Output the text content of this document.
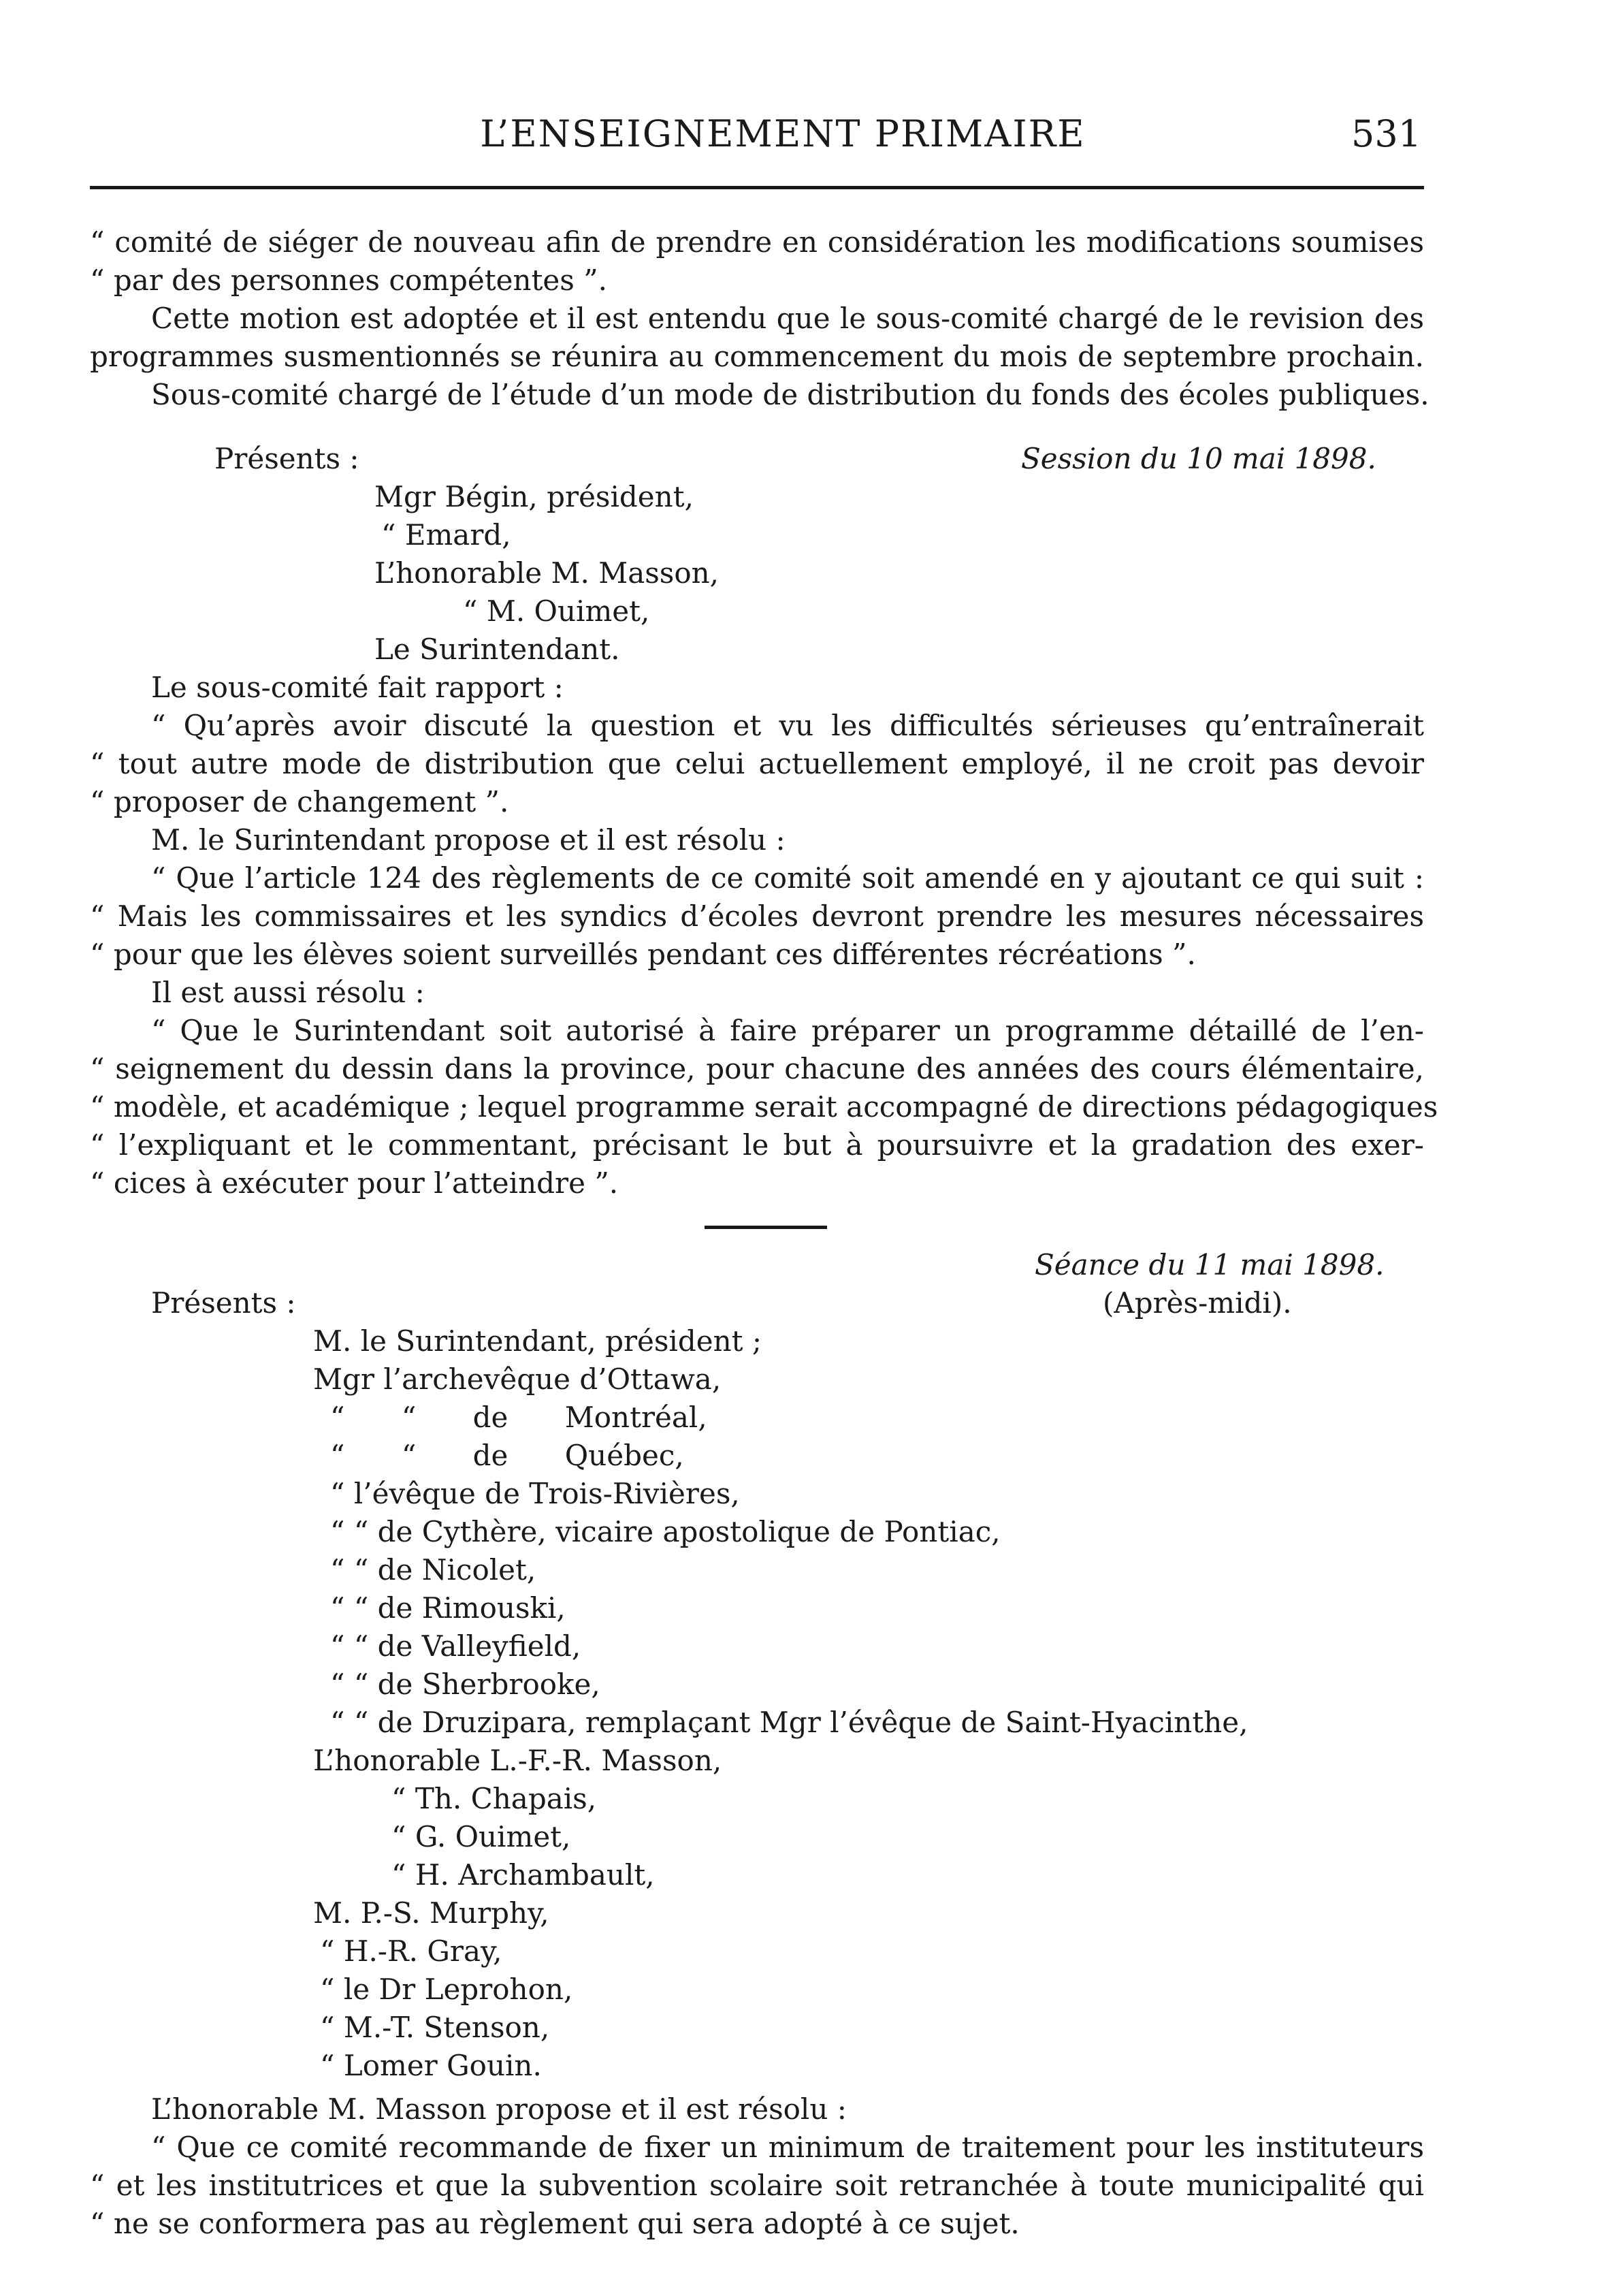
L’ENSEIGNEMENT PRIMAIRE	531
“ comité de siéger de nouveau afin de prendre en considération les modifications soumises
“ par des personnes compétentes ”.
Cette motion est adoptée et il est entendu que le sous-comité chargé de le revision des
programmes susmentionnés se réunira au commencement du mois de septembre prochain.
Sous-comité chargé de l’étude d’un mode de distribution du fonds des écoles publiques.
Présents :	Session du 10 mai 1898.
Mgr Bégin, président,
“ Emard,
L’honorable M. Masson,
“ M. Ouimet,
Le Surintendant.
Le sous-comité fait rapport :
“ Qu’après avoir discuté la question et vu les difficultés sérieuses qu’entraînerait
“ tout autre mode de distribution que celui actuellement employé, il ne croit pas devoir
“ proposer de changement ”.
M. le Surintendant propose et il est résolu :
“ Que l’article 124 des règlements de ce comité soit amendé en y ajoutant ce qui suit :
“ Mais les commissaires et les syndics d’écoles devront prendre les mesures nécessaires
“ pour que les élèves soient surveillés pendant ces différentes récréations ”.
Il est aussi résolu :
“ Que le Surintendant soit autorisé à faire préparer un programme détaillé de l’en-
“ seignement du dessin dans la province, pour chacune des années des cours élémentaire,
“ modèle, et académique ; lequel programme serait accompagné de directions pédagogiques
“ l’expliquant et le commentant, précisant le but à poursuivre et la gradation des exer-
“ cices à exécuter pour l’atteindre ”.
Séance du 11 mai 1898.
(Après-midi).
Présents :
M. le Surintendant, président ;
Mgr l’archevêque d’Ottawa,
“ “ de Montréal,
“ “ de Québec,
“ l’évêque de Trois-Rivières,
“ “ de Cythère, vicaire apostolique de Pontiac,
“ “ de Nicolet,
“ “ de Rimouski,
“ “ de Valleyfield,
“ “ de Sherbrooke,
“ “ de Druzipara, remplaçant Mgr l’évêque de Saint-Hyacinthe,
L’honorable L.-F.-R. Masson,
“ Th. Chapais,
“ G. Ouimet,
“ H. Archambault,
M. P.-S. Murphy,
“ H.-R. Gray,
“ le Dr Leprohon,
“ M.-T. Stenson,
“ Lomer Gouin.
L’honorable M. Masson propose et il est résolu :
“ Que ce comité recommande de fixer un minimum de traitement pour les instituteurs
“ et les institutrices et que la subvention scolaire soit retranchée à toute municipalité qui
“ ne se conformera pas au règlement qui sera adopté à ce sujet.
